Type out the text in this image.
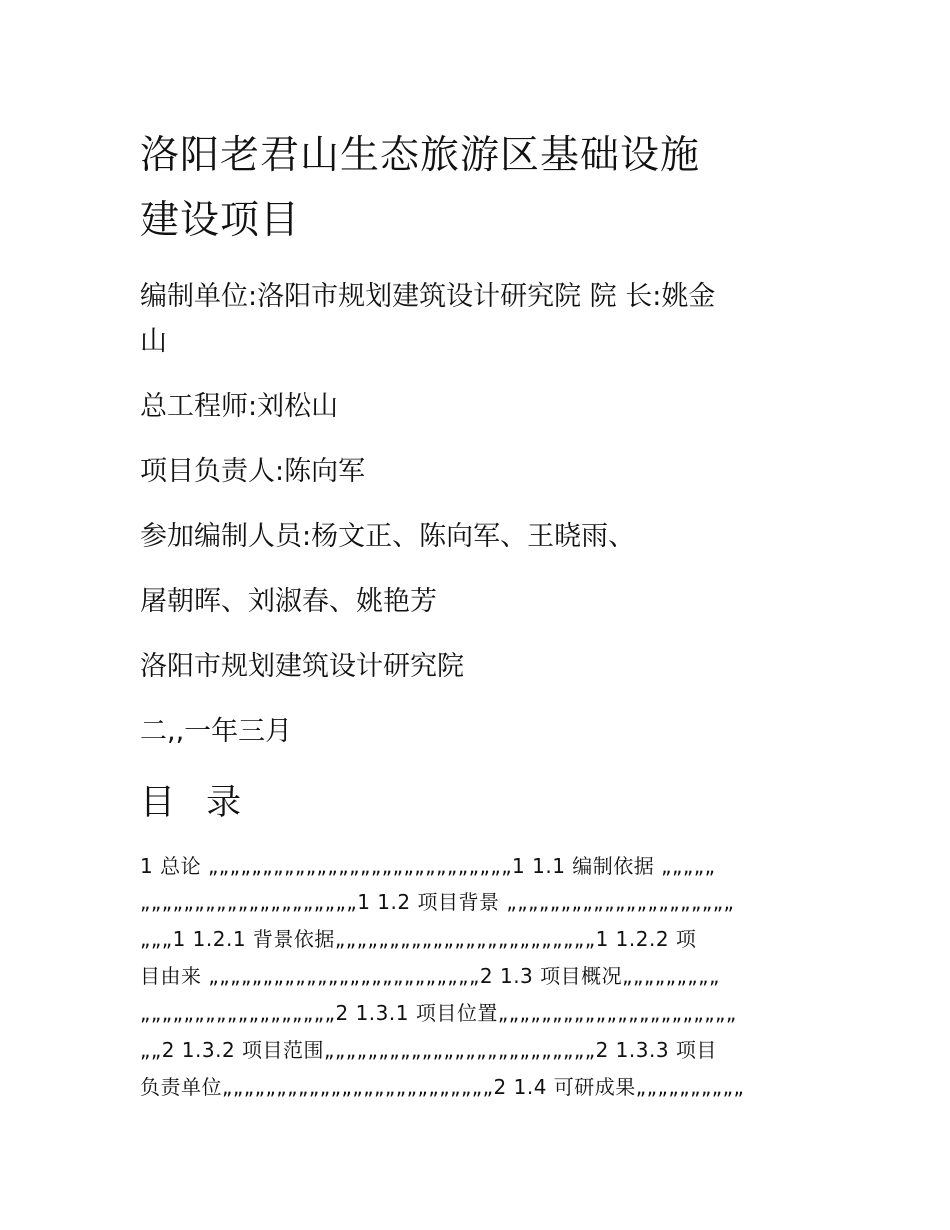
洛阳老君山生态旅游区基础设施
建设项目
编制单位:洛阳市规划建筑设计研究院 院 长:姚金
山
总工程师:刘松山
项目负责人:陈向军
参加编制人员:杨文正、陈向军、王晓雨、
屠朝晖、刘淑春、姚艳芳
洛阳市规划建筑设计研究院
二,,一年三月
目 录
1 总论 „„„„„„„„„„„„„„„„„„„„„„„„„„„„1 1.1 编制依据 „„„„„
„„„„„„„„„„„„„„„„„„„„1 1.2 项目背景 „„„„„„„„„„„„„„„„„„„„„
„„„1 1.2.1 背景依据„„„„„„„„„„„„„„„„„„„„„„„„1 1.2.2 项
目由来 „„„„„„„„„„„„„„„„„„„„„„„„„2 1.3 项目概况„„„„„„„„„
„„„„„„„„„„„„„„„„„„2 1.3.1 项目位置„„„„„„„„„„„„„„„„„„„„„„
„„2 1.3.2 项目范围„„„„„„„„„„„„„„„„„„„„„„„„„2 1.3.3 项目
负责单位„„„„„„„„„„„„„„„„„„„„„„„„„2 1.4 可研成果„„„„„„„„„„
